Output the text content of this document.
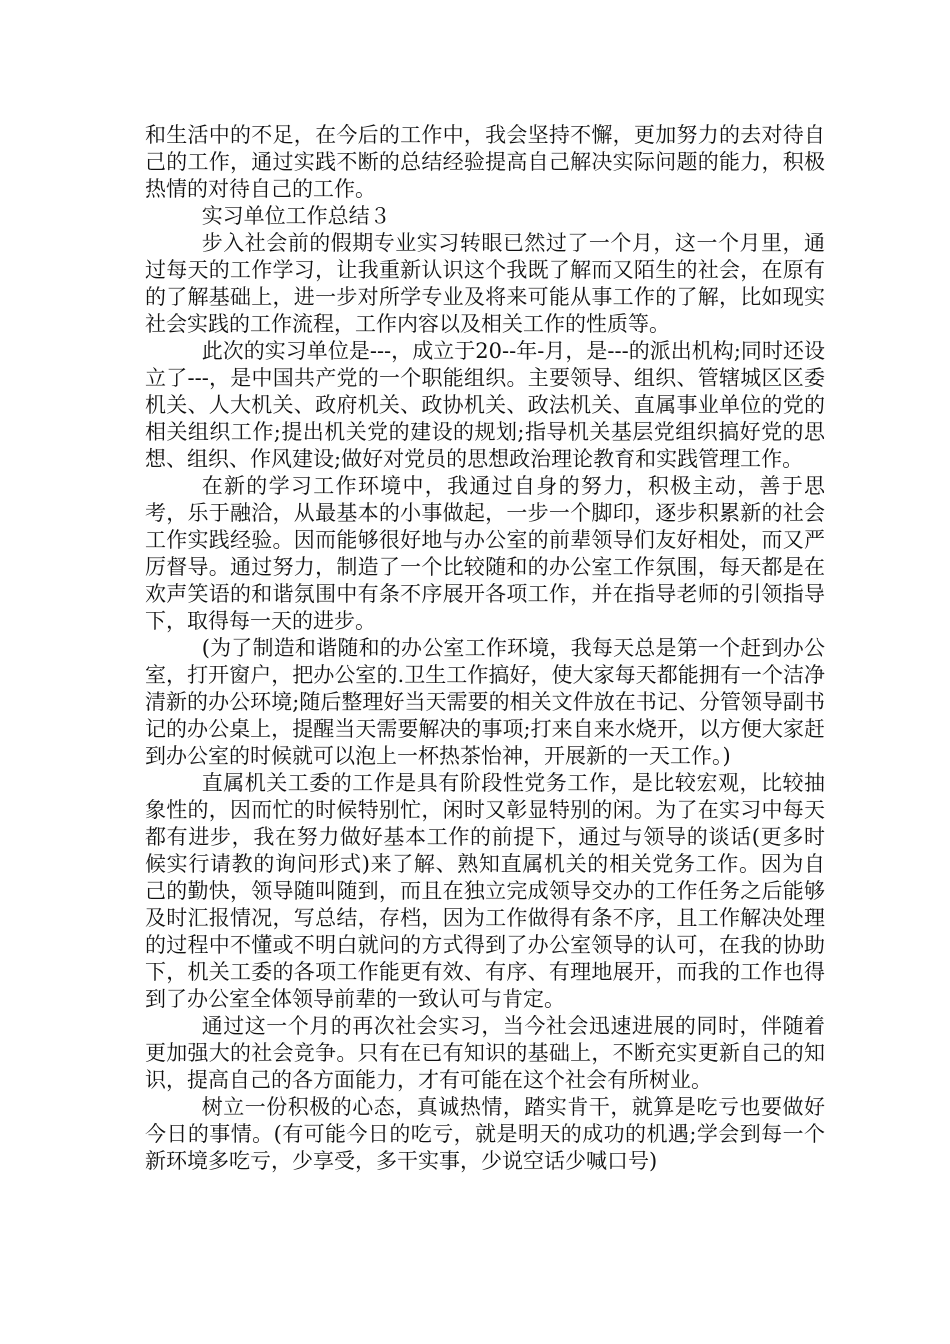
和生活中的不足，在今后的工作中，我会坚持不懈，更加努力的去对待自己的工作，通过实践不断的总结经验提高自己解决实际问题的能力，积极热情的对待自己的工作。

实习单位工作总结３

步入社会前的假期专业实习转眼已然过了一个月，这一个月里，通过每天的工作学习，让我重新认识这个我既了解而又陌生的社会，在原有的了解基础上，进一步对所学专业及将来可能从事工作的了解，比如现实社会实践的工作流程，工作内容以及相关工作的性质等。

此次的实习单位是---，成立于20--年-月，是---的派出机构;同时还设立了---，是中国共产党的一个职能组织。主要领导、组织、管辖城区区委机关、人大机关、政府机关、政协机关、政法机关、直属事业单位的党的相关组织工作;提出机关党的建设的规划;指导机关基层党组织搞好党的思想、组织、作风建设;做好对党员的思想政治理论教育和实践管理工作。

在新的学习工作环境中，我通过自身的努力，积极主动，善于思考，乐于融洽，从最基本的小事做起，一步一个脚印，逐步积累新的社会工作实践经验。因而能够很好地与办公室的前辈领导们友好相处，而又严厉督导。通过努力，制造了一个比较随和的办公室工作氛围，每天都是在欢声笑语的和谐氛围中有条不序展开各项工作，并在指导老师的引领指导下，取得每一天的进步。

(为了制造和谐随和的办公室工作环境，我每天总是第一个赶到办公室，打开窗户，把办公室的.卫生工作搞好，使大家每天都能拥有一个洁净清新的办公环境;随后整理好当天需要的相关文件放在书记、分管领导副书记的办公桌上，提醒当天需要解决的事项;打来自来水烧开，以方便大家赶到办公室的时候就可以泡上一杯热茶怡神，开展新的一天工作。)

直属机关工委的工作是具有阶段性党务工作，是比较宏观，比较抽象性的，因而忙的时候特别忙，闲时又彰显特别的闲。为了在实习中每天都有进步，我在努力做好基本工作的前提下，通过与领导的谈话(更多时候实行请教的询问形式)来了解、熟知直属机关的相关党务工作。因为自己的勤快，领导随叫随到，而且在独立完成领导交办的工作任务之后能够及时汇报情况，写总结，存档，因为工作做得有条不序，且工作解决处理的过程中不懂或不明白就问的方式得到了办公室领导的认可，在我的协助下，机关工委的各项工作能更有效、有序、有理地展开，而我的工作也得到了办公室全体领导前辈的一致认可与肯定。

通过这一个月的再次社会实习，当今社会迅速进展的同时，伴随着更加强大的社会竞争。只有在已有知识的基础上，不断充实更新自己的知识，提高自己的各方面能力，才有可能在这个社会有所树业。

树立一份积极的心态，真诚热情，踏实肯干，就算是吃亏也要做好今日的事情。(有可能今日的吃亏，就是明天的成功的机遇;学会到每一个新环境多吃亏，少享受，多干实事，少说空话少喊口号)
